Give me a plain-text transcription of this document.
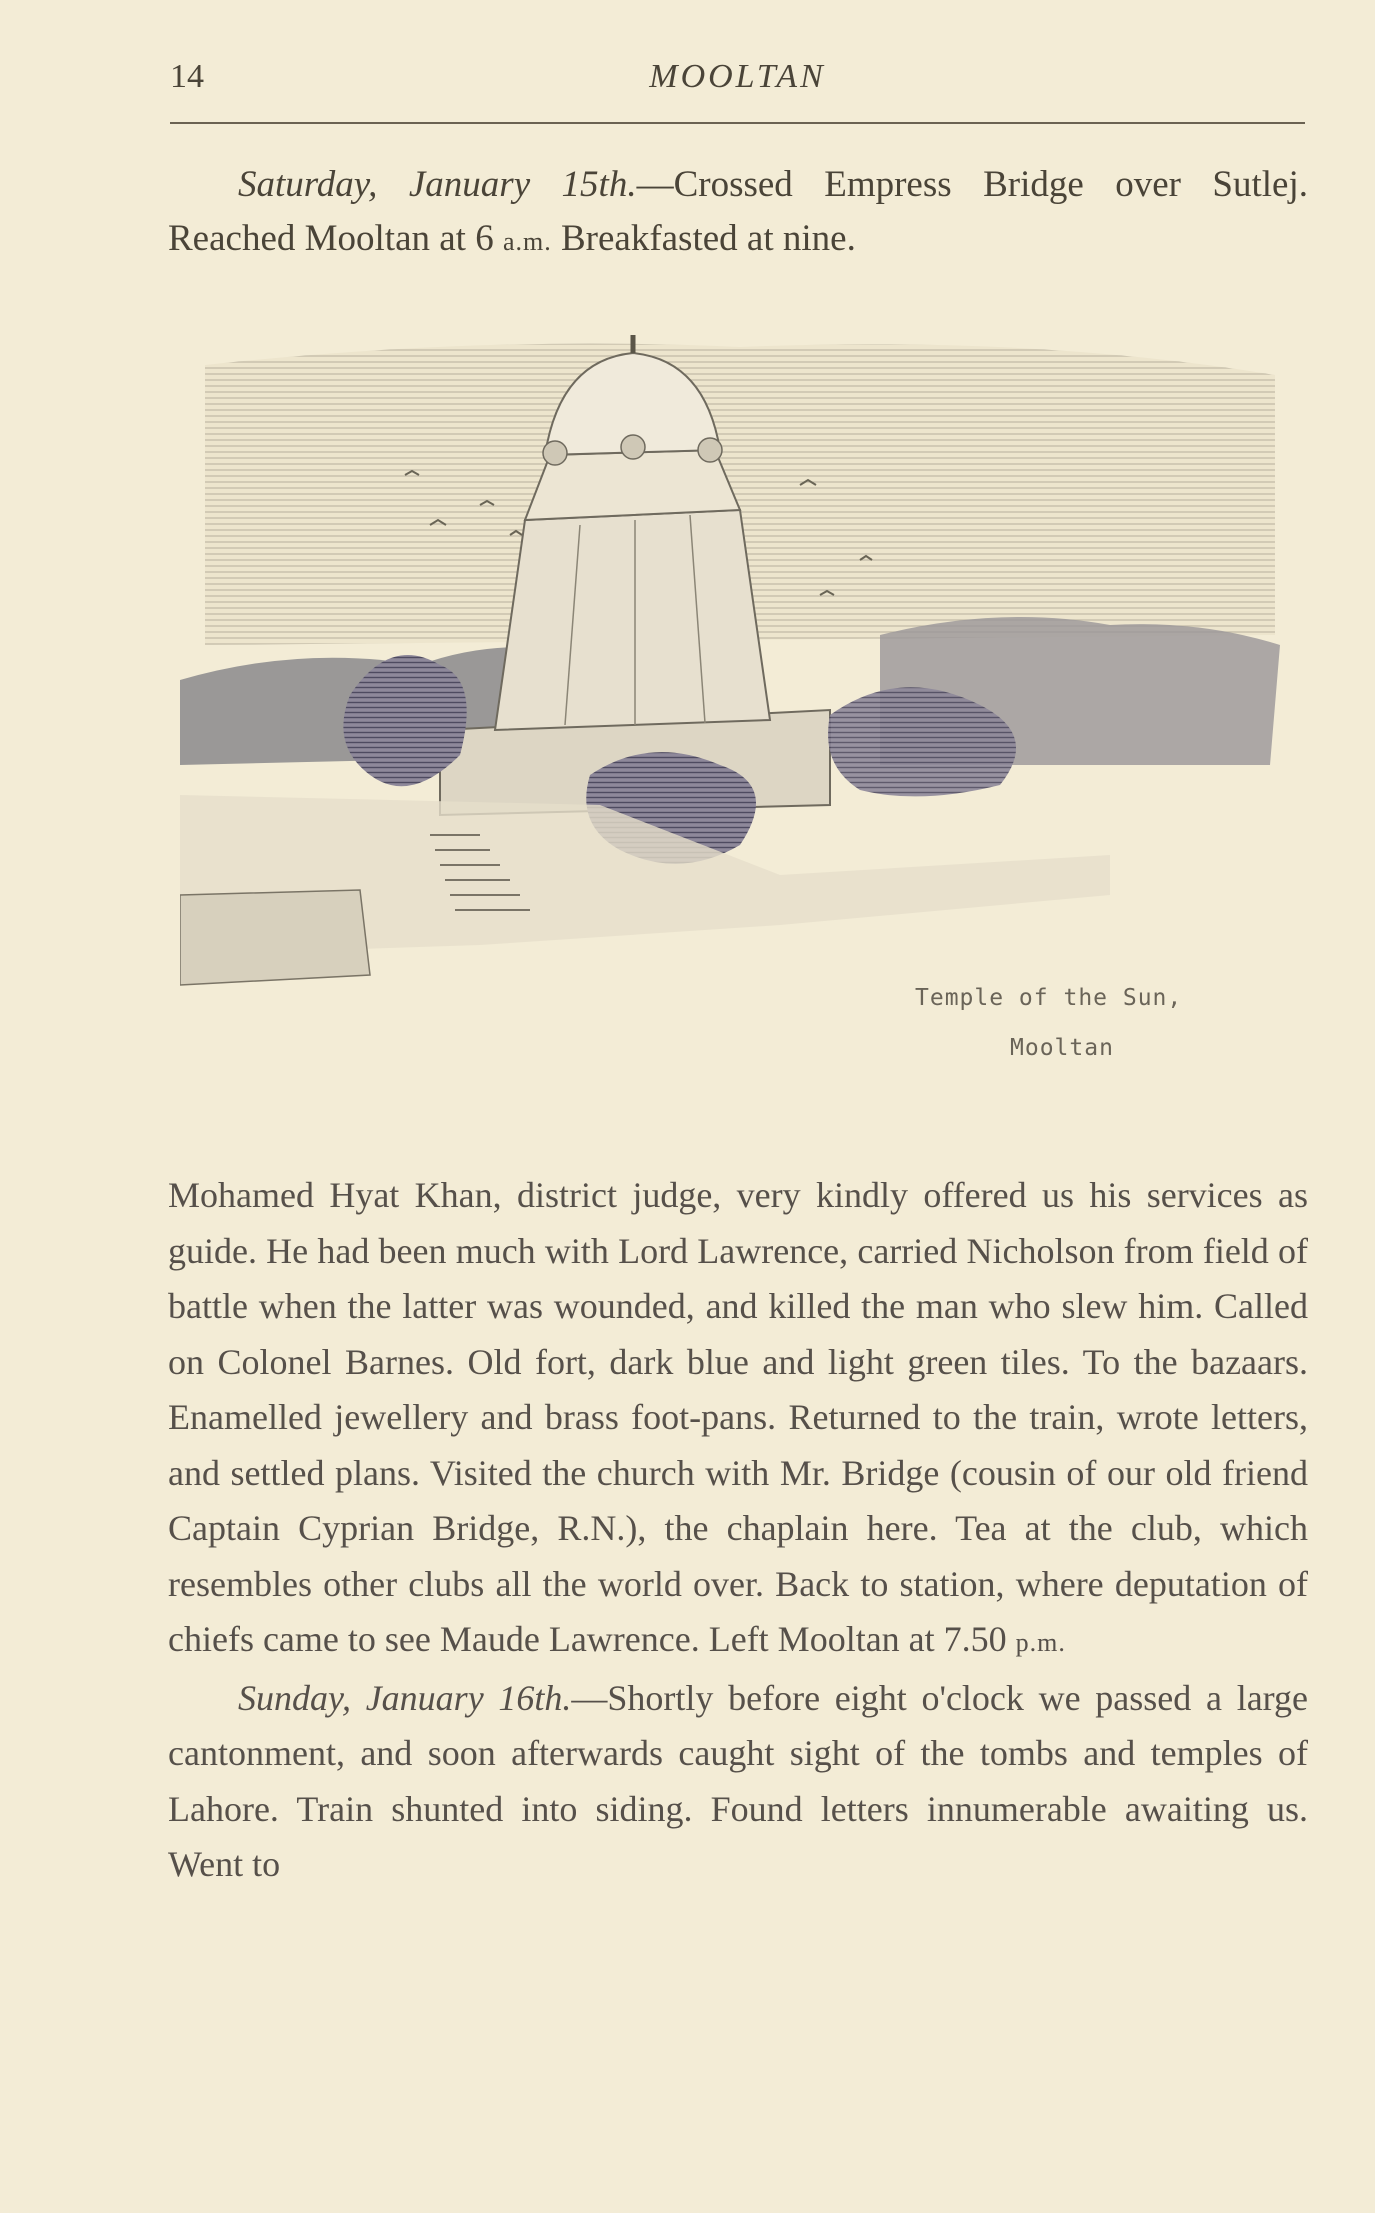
14	MOOLTAN
Saturday, January 15th.—Crossed Empress Bridge over Sutlej. Reached Mooltan at 6 a.m. Breakfasted at nine.
Temple of the Sun,
Mooltan
Mohamed Hyat Khan, district judge, very kindly offered us his services as guide. He had been much with Lord Lawrence, carried Nicholson from field of battle when the latter was wounded, and killed the man who slew him. Called on Colonel Barnes. Old fort, dark blue and light green tiles. To the bazaars. Enamelled jewellery and brass foot-pans. Returned to the train, wrote letters, and settled plans. Visited the church with Mr. Bridge (cousin of our old friend Captain Cyprian Bridge, R.N.), the chaplain here. Tea at the club, which resembles other clubs all the world over. Back to station, where deputation of chiefs came to see Maude Lawrence. Left Mooltan at 7.50 p.m.
Sunday, January 16th.—Shortly before eight o'clock we passed a large cantonment, and soon afterwards caught sight of the tombs and temples of Lahore. Train shunted into siding. Found letters innumerable awaiting us. Went to
